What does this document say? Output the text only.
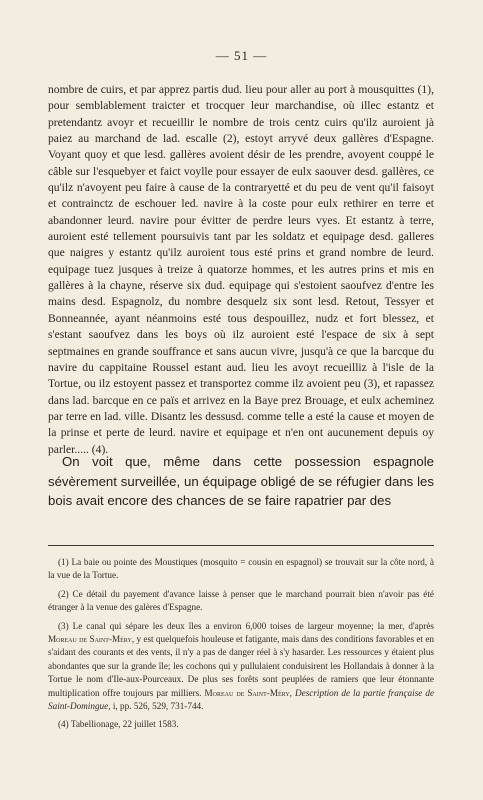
— 51 —

nombre de cuirs, et par apprez partis dud. lieu pour aller au port à mousquittes (1), pour semblablement traicter et trocquer leur marchandise, où illec estantz et pretendantz avoyr et recueillir le nombre de trois centz cuirs qu'ilz auroient jà paiez au marchand de lad. escalle (2), estoyt arryvé deux gallères d'Espagne. Voyant quoy et que lesd. gallères avoient désir de les prendre, avoyent couppé le câble sur l'esquebyer et faict voylle pour essayer de eulx saouver desd. gallères, ce qu'ilz n'avoyent peu faire à cause de la contraryetté et du peu de vent qu'il faisoyt et contrainctz de eschouer led. navire à la coste pour eulx rethirer en terre et abandonner leurd. navire pour évitter de perdre leurs vyes. Et estantz à terre, auroient esté tellement poursuivis tant par les soldatz et equipage desd. galleres que naigres y estantz qu'ilz auroient tous esté prins et grand nombre de leurd. equipage tuez jusques à treize à quatorze hommes, et les autres prins et mis en gallères à la chayne, réserve six dud. equipage qui s'estoient saoufvez d'entre les mains desd. Espagnolz, du nombre desquelz six sont lesd. Retout, Tessyer et Bonneannée, ayant néanmoins esté tous despouillez, nudz et fort blessez, et s'estant saoufvez dans les boys où ilz auroient esté l'espace de six à sept septmaines en grande souffrance et sans aucun vivre, jusqu'à ce que la barcque du navire du cappitaine Roussel estant aud. lieu les avoyt recueilliz à l'isle de la Tortue, ou ilz estoyent passez et transportez comme ilz avoient peu (3), et rapassez dans lad. barcque en ce païs et arrivez en la Baye prez Brouage, et eulx acheminez par terre en lad. ville. Disantz les dessusd. comme telle a esté la cause et moyen de la prinse et perte de leurd. navire et equipage et n'en ont aucunement depuis oy parler..... (4).

On voit que, même dans cette possession espagnole sévèrement surveillée, un équipage obligé de se réfugier dans les bois avait encore des chances de se faire rapatrier par des

(1) La baie ou pointe des Moustiques (mosquito = cousin en espagnol) se trouvait sur la côte nord, à la vue de la Tortue.

(2) Ce détail du payement d'avance laisse à penser que le marchand pourrait bien n'avoir pas été étranger à la venue des galères d'Espagne.

(3) Le canal qui sépare les deux îles a environ 6,000 toises de largeur moyenne; la mer, d'après Moreau de Saint-Méry, y est quelquefois houleuse et fatigante, mais dans des conditions favorables et en s'aidant des courants et des vents, il n'y a pas de danger réel à s'y hasarder. Les ressources y étaient plus abondantes que sur la grande île; les cochons qui y pullulaient conduisirent les Hollandais à donner à la Tortue le nom d'Ile-aux-Pourceaux. De plus ses forêts sont peuplées de ramiers que leur étonnante multiplication offre toujours par milliers. Moreau de Saint-Méry, Description de la partie française de Saint-Domingue, i, pp. 526, 529, 731-744.

(4) Tabellionage, 22 juillet 1583.
